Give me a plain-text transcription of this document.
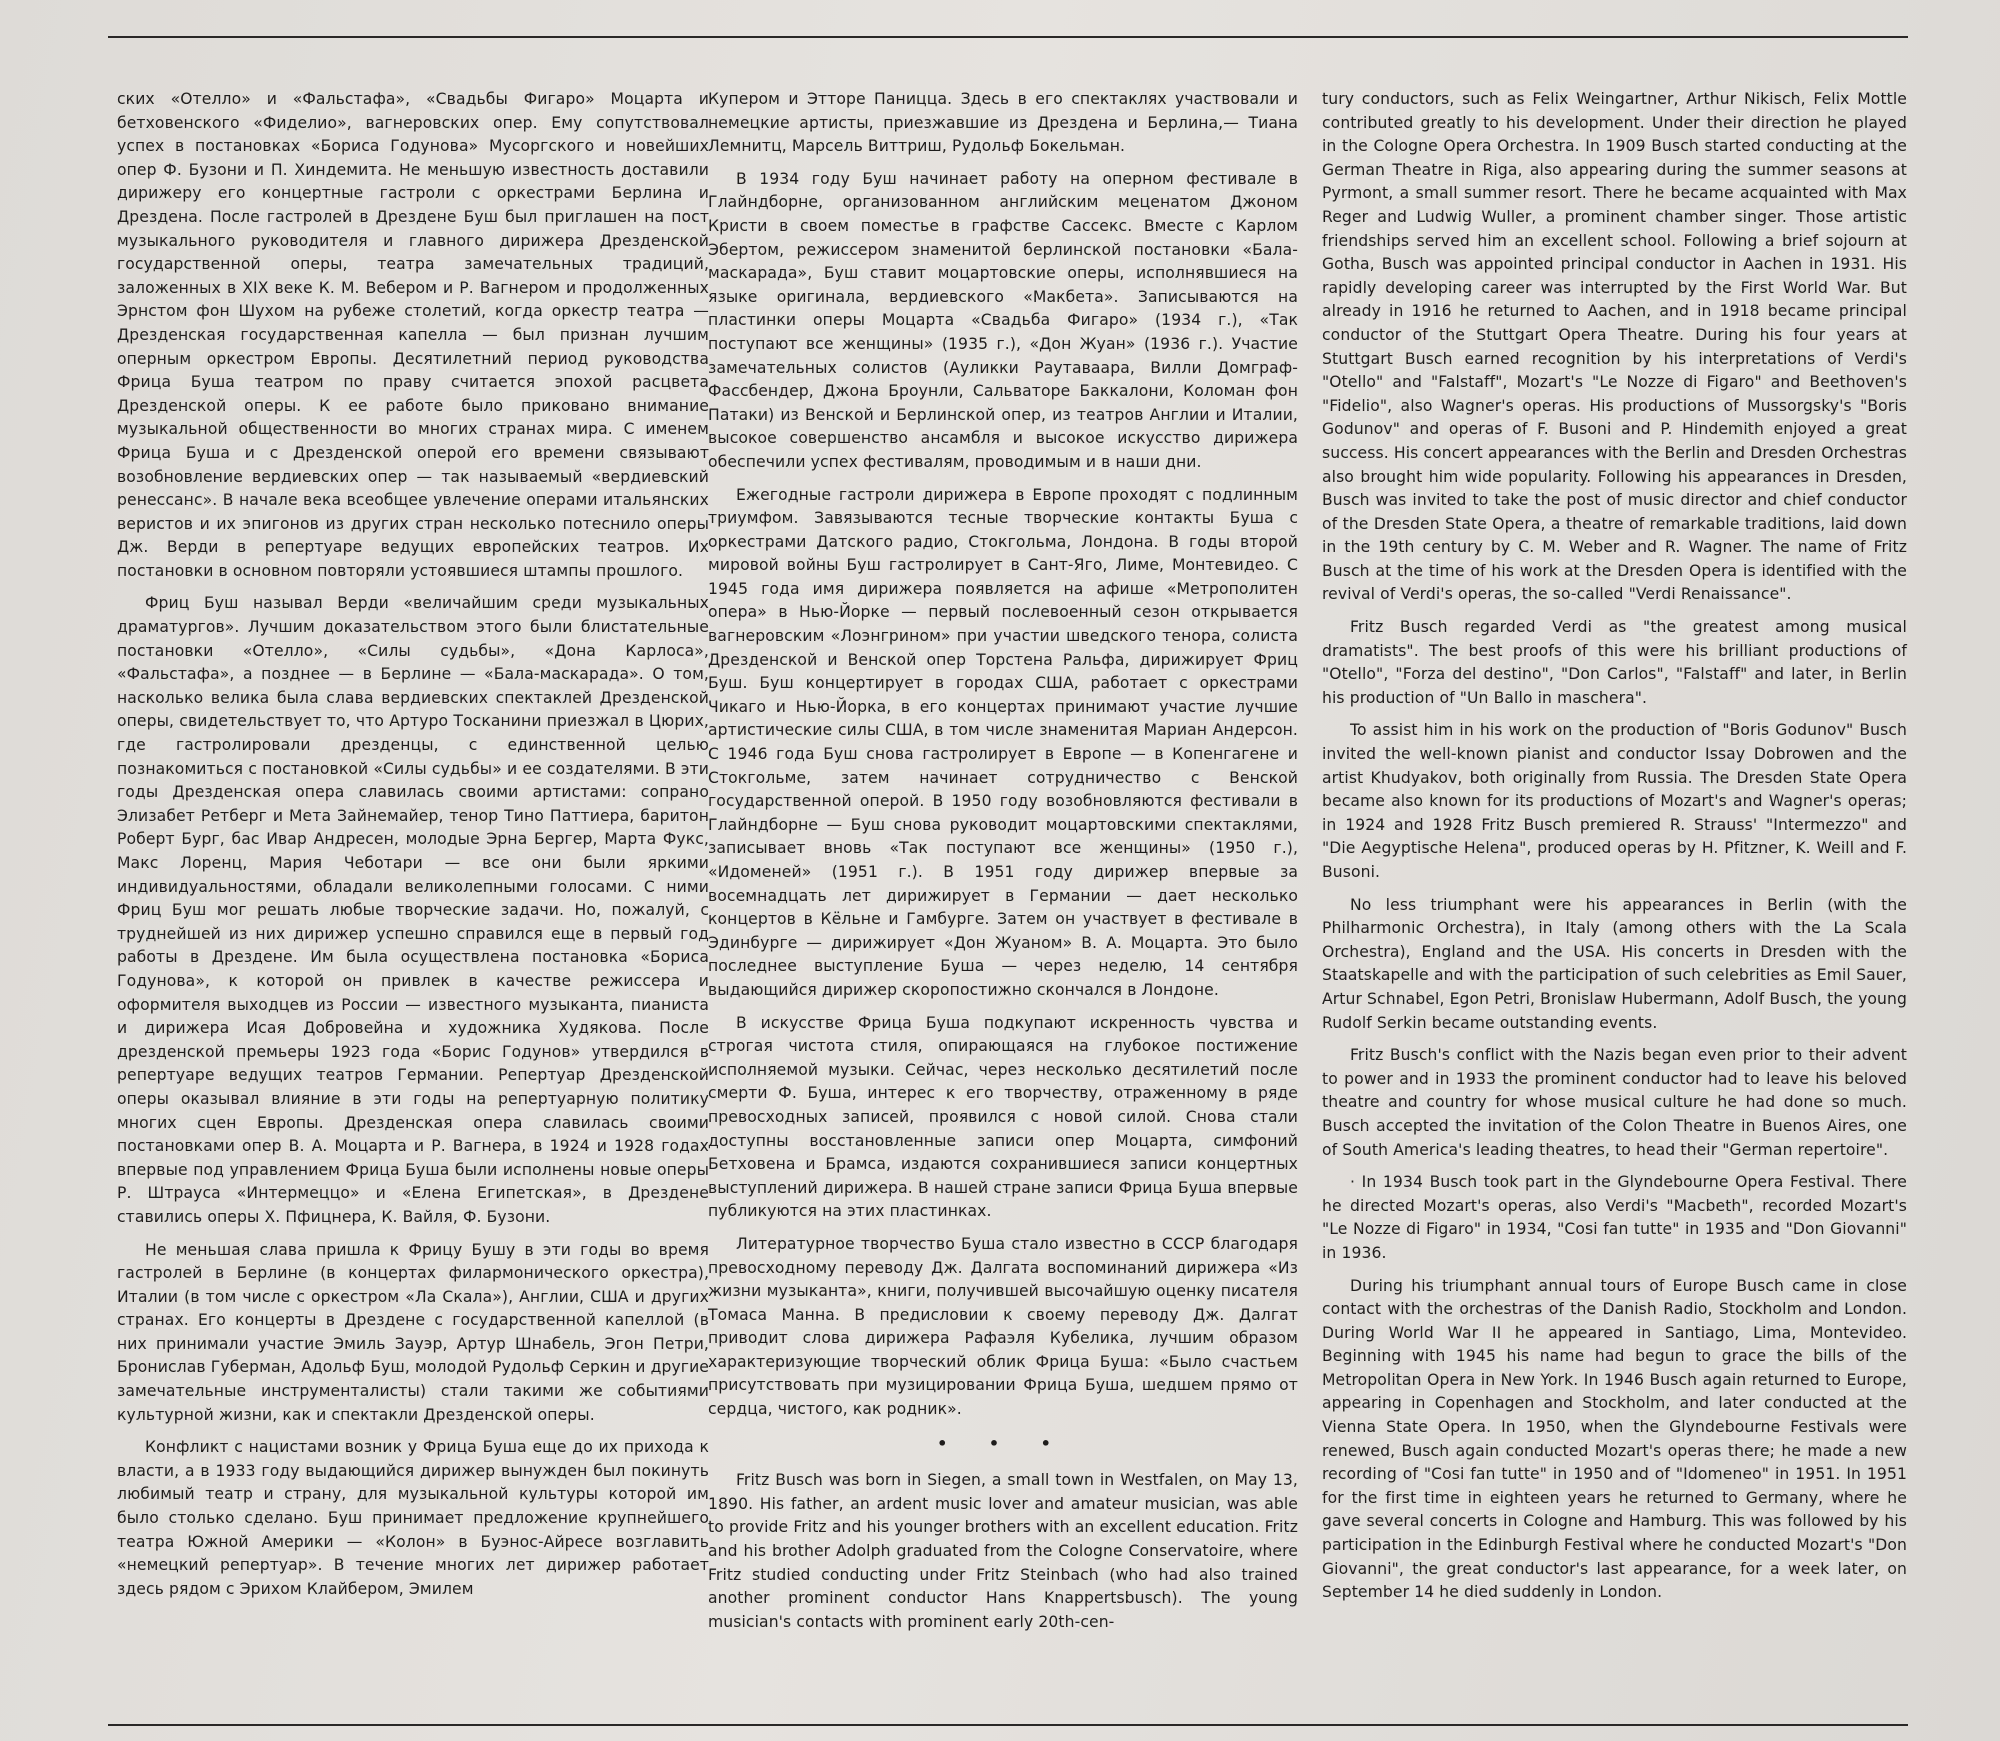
ских «Отелло» и «Фальстафа», «Свадьбы Фигаро» Моцарта и бетховенского «Фиделио», вагнеровских опер. Ему сопутствовал успех в постановках «Бориса Годунова» Мусоргского и новейших опер Ф. Бузони и П. Хиндемита. Не меньшую известность доставили дирижеру его концертные гастроли с оркестрами Берлина и Дрездена. После гастролей в Дрездене Буш был приглашен на пост музыкального руководителя и главного дирижера Дрезденской государственной оперы, театра замечательных традиций, заложенных в XIX веке К. М. Вебером и Р. Вагнером и продолженных Эрнстом фон Шухом на рубеже столетий, когда оркестр театра — Дрезденская государственная капелла — был признан лучшим оперным оркестром Европы. Десятилетний период руководства Фрица Буша театром по праву считается эпохой расцвета Дрезденской оперы. К ее работе было приковано внимание музыкальной общественности во многих странах мира. С именем Фрица Буша и с Дрезденской оперой его времени связывают возобновление вердиевских опер — так называемый «вердиевский ренессанс». В начале века всеобщее увлечение операми итальянских веристов и их эпигонов из других стран несколько потеснило оперы Дж. Верди в репертуаре ведущих европейских театров. Их постановки в основном повторяли устоявшиеся штампы прошлого.

Фриц Буш называл Верди «величайшим среди музыкальных драматургов». Лучшим доказательством этого были блистательные постановки «Отелло», «Силы судьбы», «Дона Карлоса», «Фальстафа», а позднее — в Берлине — «Бала-маскарада». О том, насколько велика была слава вердиевских спектаклей Дрезденской оперы, свидетельствует то, что Артуро Тосканини приезжал в Цюрих, где гастролировали дрезденцы, с единственной целью познакомиться с постановкой «Силы судьбы» и ее создателями. В эти годы Дрезденская опера славилась своими артистами: сопрано Элизабет Ретберг и Мета Зайнемайер, тенор Тино Паттиера, баритон Роберт Бург, бас Ивар Андресен, молодые Эрна Бергер, Марта Фукс, Макс Лоренц, Мария Чеботари — все они были яркими индивидуальностями, обладали великолепными голосами. С ними Фриц Буш мог решать любые творческие задачи. Но, пожалуй, с труднейшей из них дирижер успешно справился еще в первый год работы в Дрездене. Им была осуществлена постановка «Бориса Годунова», к которой он привлек в качестве режиссера и оформителя выходцев из России — известного музыканта, пианиста и дирижера Исая Добровейна и художника Худякова. После дрезденской премьеры 1923 года «Борис Годунов» утвердился в репертуаре ведущих театров Германии. Репертуар Дрезденской оперы оказывал влияние в эти годы на репертуарную политику многих сцен Европы. Дрезденская опера славилась своими постановками опер В. А. Моцарта и Р. Вагнера, в 1924 и 1928 годах впервые под управлением Фрица Буша были исполнены новые оперы Р. Штрауса «Интермеццо» и «Елена Египетская», в Дрездене ставились оперы Х. Пфицнера, К. Вайля, Ф. Бузони.

Не меньшая слава пришла к Фрицу Бушу в эти годы во время гастролей в Берлине (в концертах филармонического оркестра), Италии (в том числе с оркестром «Ла Скала»), Англии, США и других странах. Его концерты в Дрездене с государственной капеллой (в них принимали участие Эмиль Зауэр, Артур Шнабель, Эгон Петри, Бронислав Губерман, Адольф Буш, молодой Рудольф Серкин и другие замечательные инструменталисты) стали такими же событиями культурной жизни, как и спектакли Дрезденской оперы.

Конфликт с нацистами возник у Фрица Буша еще до их прихода к власти, а в 1933 году выдающийся дирижер вынужден был покинуть любимый театр и страну, для музыкальной культуры которой им было столько сделано. Буш принимает предложение крупнейшего театра Южной Америки — «Колон» в Буэнос-Айресе возглавить «немецкий репертуар». В течение многих лет дирижер работает здесь рядом с Эрихом Клайбером, Эмилем

Купером и Этторе Паницца. Здесь в его спектаклях участвовали и немецкие артисты, приезжавшие из Дрездена и Берлина,— Тиана Лемнитц, Марсель Виттриш, Рудольф Бокельман.

В 1934 году Буш начинает работу на оперном фестивале в Глайндборне, организованном английским меценатом Джоном Кристи в своем поместье в графстве Сассекс. Вместе с Карлом Эбертом, режиссером знаменитой берлинской постановки «Бала-маскарада», Буш ставит моцартовские оперы, исполнявшиеся на языке оригинала, вердиевского «Макбета». Записываются на пластинки оперы Моцарта «Свадьба Фигаро» (1934 г.), «Так поступают все женщины» (1935 г.), «Дон Жуан» (1936 г.). Участие замечательных солистов (Ауликки Раутаваара, Вилли Домграф-Фассбендер, Джона Броунли, Сальваторе Баккалони, Коломан фон Патаки) из Венской и Берлинской опер, из театров Англии и Италии, высокое совершенство ансамбля и высокое искусство дирижера обеспечили успех фестивалям, проводимым и в наши дни.

Ежегодные гастроли дирижера в Европе проходят с подлинным триумфом. Завязываются тесные творческие контакты Буша с оркестрами Датского радио, Стокгольма, Лондона. В годы второй мировой войны Буш гастролирует в Сант-Яго, Лиме, Монтевидео. С 1945 года имя дирижера появляется на афише «Метрополитен опера» в Нью-Йорке — первый послевоенный сезон открывается вагнеровским «Лоэнгрином» при участии шведского тенора, солиста Дрезденской и Венской опер Торстена Ральфа, дирижирует Фриц Буш. Буш концертирует в городах США, работает с оркестрами Чикаго и Нью-Йорка, в его концертах принимают участие лучшие артистические силы США, в том числе знаменитая Мариан Андерсон. С 1946 года Буш снова гастролирует в Европе — в Копенгагене и Стокгольме, затем начинает сотрудничество с Венской государственной оперой. В 1950 году возобновляются фестивали в Глайндборне — Буш снова руководит моцартовскими спектаклями, записывает вновь «Так поступают все женщины» (1950 г.), «Идоменей» (1951 г.). В 1951 году дирижер впервые за восемнадцать лет дирижирует в Германии — дает несколько концертов в Кёльне и Гамбурге. Затем он участвует в фестивале в Эдинбурге — дирижирует «Дон Жуаном» В. А. Моцарта. Это было последнее выступление Буша — через неделю, 14 сентября выдающийся дирижер скоропостижно скончался в Лондоне.

В искусстве Фрица Буша подкупают искренность чувства и строгая чистота стиля, опирающаяся на глубокое постижение исполняемой музыки. Сейчас, через несколько десятилетий после смерти Ф. Буша, интерес к его творчеству, отраженному в ряде превосходных записей, проявился с новой силой. Снова стали доступны восстановленные записи опер Моцарта, симфоний Бетховена и Брамса, издаются сохранившиеся записи концертных выступлений дирижера. В нашей стране записи Фрица Буша впервые публикуются на этих пластинках.

Литературное творчество Буша стало известно в СССР благодаря превосходному переводу Дж. Далгата воспоминаний дирижера «Из жизни музыканта», книги, получившей высочайшую оценку писателя Томаса Манна. В предисловии к своему переводу Дж. Далгат приводит слова дирижера Рафаэля Кубелика, лучшим образом характеризующие творческий облик Фрица Буша: «Было счастьем присутствовать при музицировании Фрица Буша, шедшем прямо от сердца, чистого, как родник».

• • •

Fritz Busch was born in Siegen, a small town in Westfalen, on May 13, 1890. His father, an ardent music lover and amateur musician, was able to provide Fritz and his younger brothers with an excellent education. Fritz and his brother Adolph graduated from the Cologne Conservatoire, where Fritz studied conducting under Fritz Steinbach (who had also trained another prominent conductor Hans Knappertsbusch). The young musician's contacts with prominent early 20th-cen-

tury conductors, such as Felix Weingartner, Arthur Nikisch, Felix Mottle contributed greatly to his development. Under their direction he played in the Cologne Opera Orchestra. In 1909 Busch started conducting at the German Theatre in Riga, also appearing during the summer seasons at Pyrmont, a small summer resort. There he became acquainted with Max Reger and Ludwig Wuller, a prominent chamber singer. Those artistic friendships served him an excellent school. Following a brief sojourn at Gotha, Busch was appointed principal conductor in Aachen in 1931. His rapidly developing career was interrupted by the First World War. But already in 1916 he returned to Aachen, and in 1918 became principal conductor of the Stuttgart Opera Theatre. During his four years at Stuttgart Busch earned recognition by his interpretations of Verdi's "Otello" and "Falstaff", Mozart's "Le Nozze di Figaro" and Beethoven's "Fidelio", also Wagner's operas. His productions of Mussorgsky's "Boris Godunov" and operas of F. Busoni and P. Hindemith enjoyed a great success. His concert appearances with the Berlin and Dresden Orchestras also brought him wide popularity. Following his appearances in Dresden, Busch was invited to take the post of music director and chief conductor of the Dresden State Opera, a theatre of remarkable traditions, laid down in the 19th century by C. M. Weber and R. Wagner. The name of Fritz Busch at the time of his work at the Dresden Opera is identified with the revival of Verdi's operas, the so-called "Verdi Renaissance".

Fritz Busch regarded Verdi as "the greatest among musical dramatists". The best proofs of this were his brilliant productions of "Otello", "Forza del destino", "Don Carlos", "Falstaff" and later, in Berlin his production of "Un Ballo in maschera".

To assist him in his work on the production of "Boris Godunov" Busch invited the well-known pianist and conductor Issay Dobrowen and the artist Khudyakov, both originally from Russia. The Dresden State Opera became also known for its productions of Mozart's and Wagner's operas; in 1924 and 1928 Fritz Busch premiered R. Strauss' "Intermezzo" and "Die Aegyptische Helena", produced operas by H. Pfitzner, K. Weill and F. Busoni.

No less triumphant were his appearances in Berlin (with the Philharmonic Orchestra), in Italy (among others with the La Scala Orchestra), England and the USA. His concerts in Dresden with the Staatskapelle and with the participation of such celebrities as Emil Sauer, Artur Schnabel, Egon Petri, Bronislaw Hubermann, Adolf Busch, the young Rudolf Serkin became outstanding events.

Fritz Busch's conflict with the Nazis began even prior to their advent to power and in 1933 the prominent conductor had to leave his beloved theatre and country for whose musical culture he had done so much. Busch accepted the invitation of the Colon Theatre in Buenos Aires, one of South America's leading theatres, to head their "German repertoire".

· In 1934 Busch took part in the Glyndebourne Opera Festival. There he directed Mozart's operas, also Verdi's "Macbeth", recorded Mozart's "Le Nozze di Figaro" in 1934, "Cosi fan tutte" in 1935 and "Don Giovanni" in 1936.

During his triumphant annual tours of Europe Busch came in close contact with the orchestras of the Danish Radio, Stockholm and London. During World War II he appeared in Santiago, Lima, Montevideo. Beginning with 1945 his name had begun to grace the bills of the Metropolitan Opera in New York. In 1946 Busch again returned to Europe, appearing in Copenhagen and Stockholm, and later conducted at the Vienna State Opera. In 1950, when the Glyndebourne Festivals were renewed, Busch again conducted Mozart's operas there; he made a new recording of "Cosi fan tutte" in 1950 and of "Idomeneo" in 1951. In 1951 for the first time in eighteen years he returned to Germany, where he gave several concerts in Cologne and Hamburg. This was followed by his participation in the Edinburgh Festival where he conducted Mozart's "Don Giovanni", the great conductor's last appearance, for a week later, on September 14 he died suddenly in London.
